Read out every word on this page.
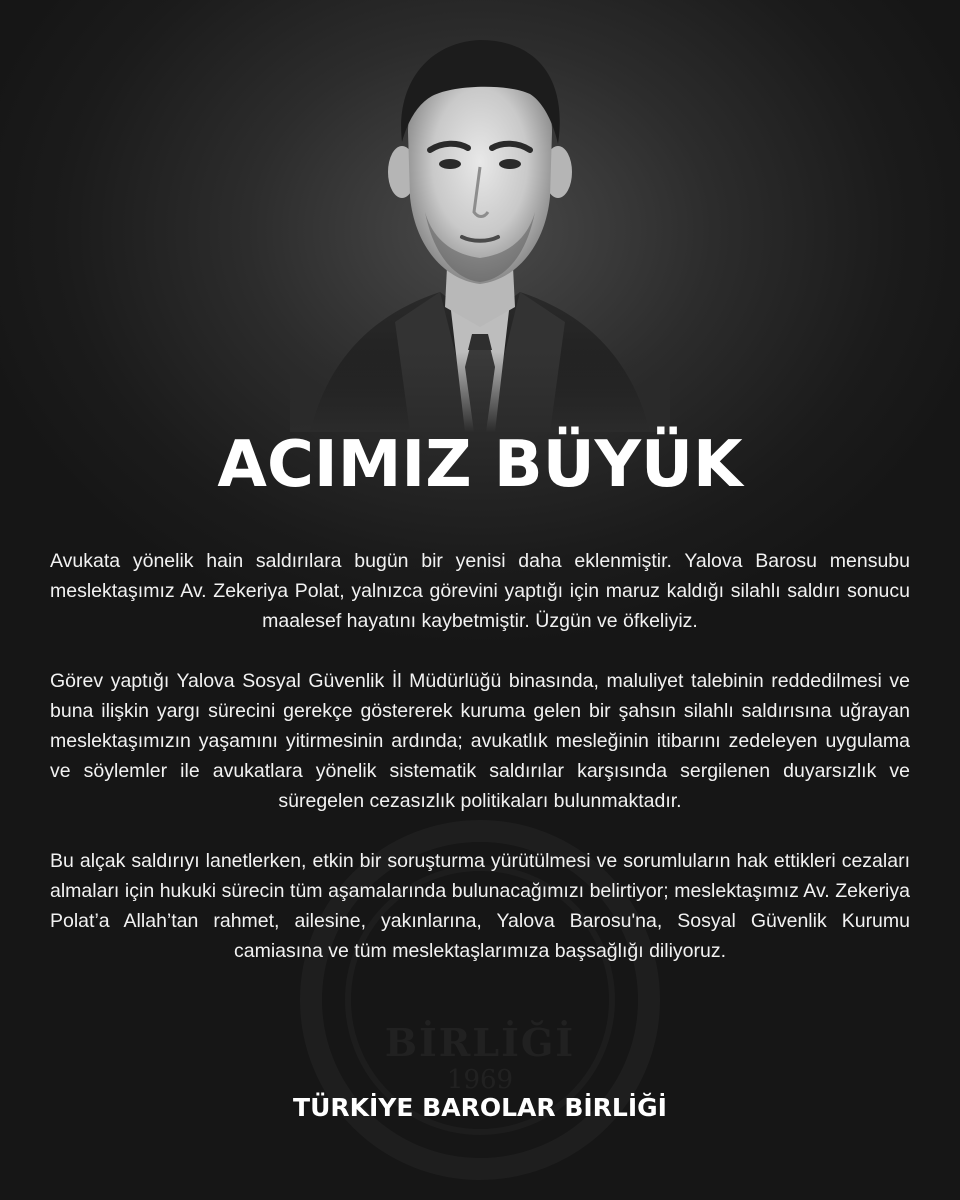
BİRLİĞİ
1969
ACIMIZ BÜYÜK

Avukata yönelik hain saldırılara bugün bir yenisi daha eklenmiştir. Yalova Barosu mensubu meslektaşımız Av. Zekeriya Polat, yalnızca görevini yaptığı için maruz kaldığı silahlı saldırı sonucu maalesef hayatını kaybetmiştir. Üzgün ve öfkeliyiz.

Görev yaptığı Yalova Sosyal Güvenlik İl Müdürlüğü binasında, maluliyet talebinin reddedilmesi ve buna ilişkin yargı sürecini gerekçe göstererek kuruma gelen bir şahsın silahlı saldırısına uğrayan meslektaşımızın yaşamını yitirmesinin ardında; avukatlık mesleğinin itibarını zedeleyen uygulama ve söylemler ile avukatlara yönelik sistematik saldırılar karşısında sergilenen duyarsızlık ve süregelen cezasızlık politikaları bulunmaktadır.

Bu alçak saldırıyı lanetlerken, etkin bir soruşturma yürütülmesi ve sorumluların hak ettikleri cezaları almaları için hukuki sürecin tüm aşamalarında bulunacağımızı belirtiyor; meslektaşımız Av. Zekeriya Polat’a Allah’tan rahmet, ailesine, yakınlarına, Yalova Barosu'na, Sosyal Güvenlik Kurumu camiasına ve tüm meslektaşlarımıza başsağlığı diliyoruz.

TÜRKİYE BAROLAR BİRLİĞİ
